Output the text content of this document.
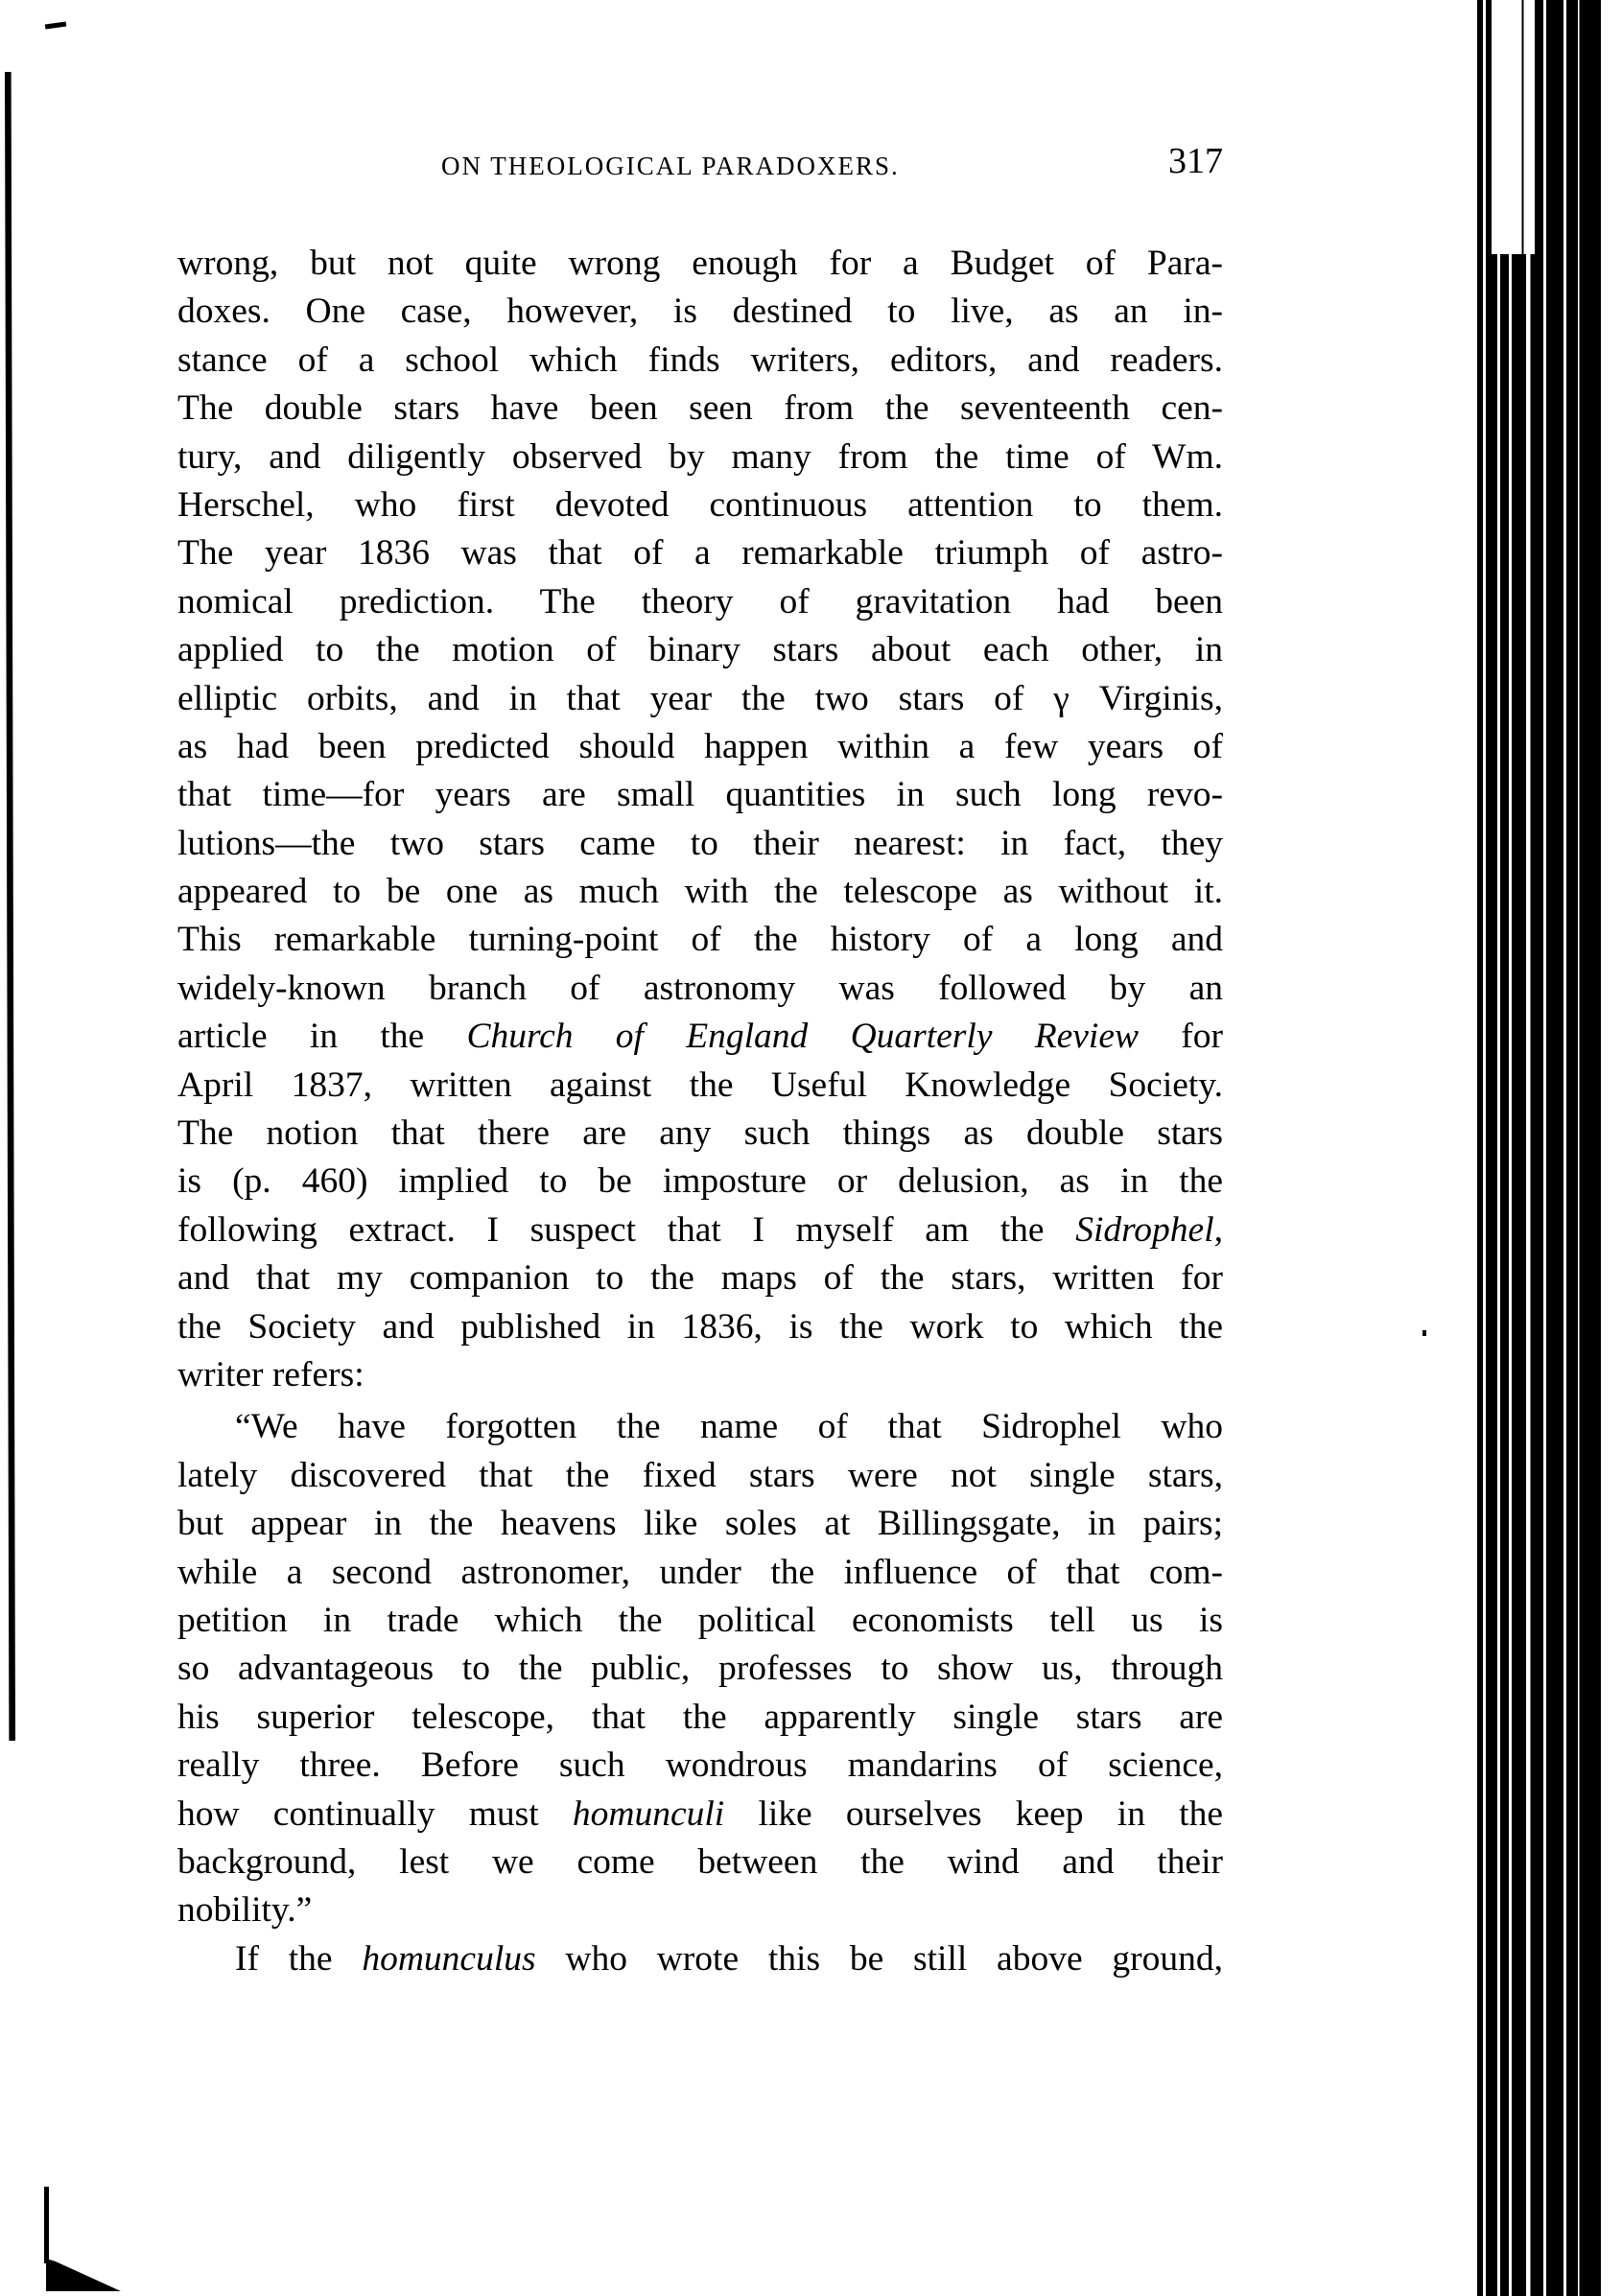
ON THEOLOGICAL PARADOXERS.	317
wrong, but not quite wrong enough for a Budget of Para-
doxes. One case, however, is destined to live, as an in-
stance of a school which finds writers, editors, and readers.
The double stars have been seen from the seventeenth cen-
tury, and diligently observed by many from the time of Wm.
Herschel, who first devoted continuous attention to them.
The year 1836 was that of a remarkable triumph of astro-
nomical prediction. The theory of gravitation had been
applied to the motion of binary stars about each other, in
elliptic orbits, and in that year the two stars of γ Virginis,
as had been predicted should happen within a few years of
that time—for years are small quantities in such long revo-
lutions—the two stars came to their nearest: in fact, they
appeared to be one as much with the telescope as without it.
This remarkable turning-point of the history of a long and
widely-known branch of astronomy was followed by an
article in the Church of England Quarterly Review for
April 1837, written against the Useful Knowledge Society.
The notion that there are any such things as double stars
is (p. 460) implied to be imposture or delusion, as in the
following extract. I suspect that I myself am the Sidrophel,
and that my companion to the maps of the stars, written for
the Society and published in 1836, is the work to which the
writer refers:
“We have forgotten the name of that Sidrophel who
lately discovered that the fixed stars were not single stars,
but appear in the heavens like soles at Billingsgate, in pairs;
while a second astronomer, under the influence of that com-
petition in trade which the political economists tell us is
so advantageous to the public, professes to show us, through
his superior telescope, that the apparently single stars are
really three. Before such wondrous mandarins of science,
how continually must homunculi like ourselves keep in the
background, lest we come between the wind and their
nobility.”
If the homunculus who wrote this be still above ground,
